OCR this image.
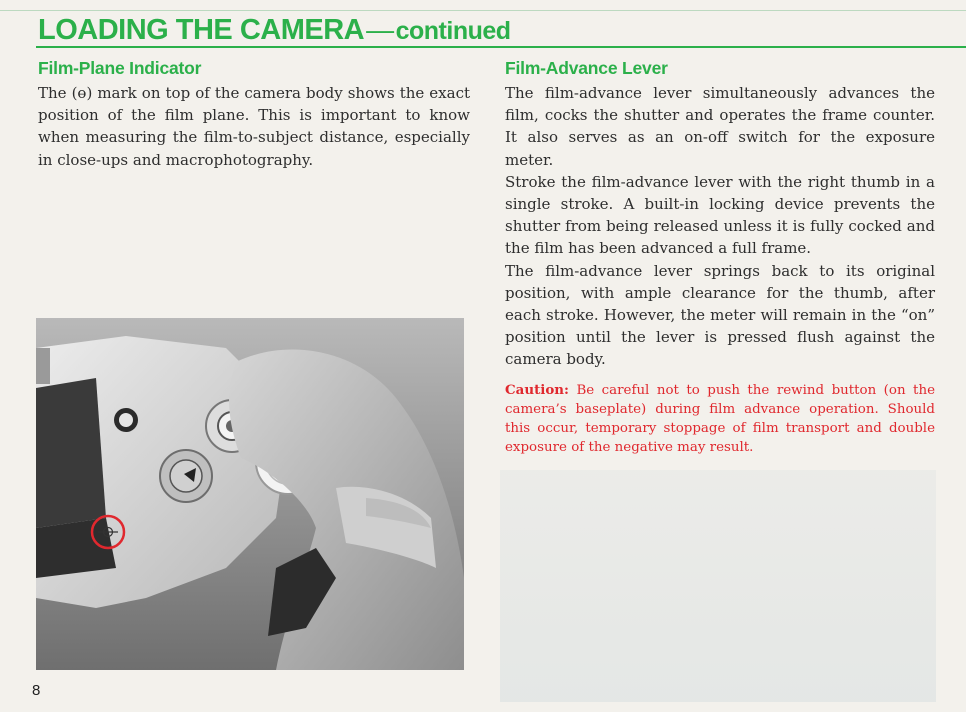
LOADING THE CAMERA—continued
Film-Plane Indicator

The (ɵ) mark on top of the camera body shows the exact position of the film plane. This is important to know when measuring the film-to-subject distance, especially in close-ups and macrophotography.

Film-Advance Lever

The film-advance lever simultaneously advances the film, cocks the shutter and operates the frame counter. It also serves as an on-off switch for the exposure meter.

Stroke the film-advance lever with the right thumb in a single stroke. A built-in locking device prevents the shutter from being released unless it is fully cocked and the film has been advanced a full frame.

The film-advance lever springs back to its original position, with ample clearance for the thumb, after each stroke. However, the meter will remain in the “on” position until the lever is pressed flush against the camera body.

Caution: Be careful not to push the rewind button (on the camera’s baseplate) during film advance operation. Should this occur, temporary stoppage of film transport and double exposure of the negative may result.

8
